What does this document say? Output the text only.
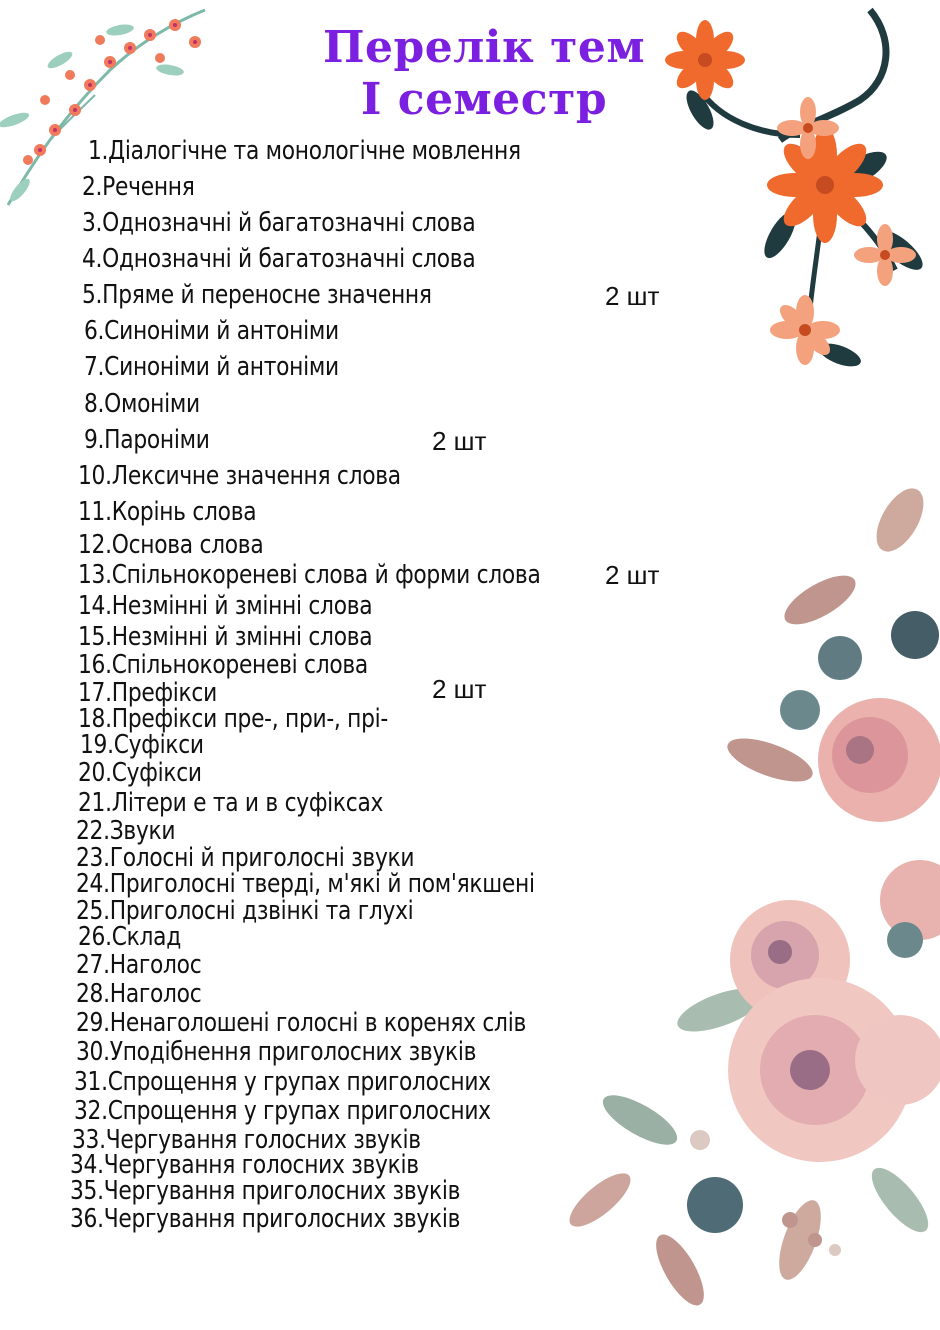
Перелік тем
І семестр
1.Діалогічне та монологічне мовлення
2.Речення
3.Однозначні й багатозначні слова
4.Однозначні й багатозначні слова
5.Пряме й переносне значення
6.Синоніми й антоніми
7.Синоніми й антоніми
8.Омоніми
9.Пароніми
10.Лексичне значення слова
11.Корінь слова
12.Основа слова
13.Спільнокореневі слова й форми слова
14.Незмінні й змінні слова
15.Незмінні й змінні слова
16.Спільнокореневі слова
17.Префікси
18.Префікси пре-, при-, прі-
19.Суфікси
20.Суфікси
21.Літери е та и в суфіксах
22.Звуки
23.Голосні й приголосні звуки
24.Приголосні тверді, м'які й пом'якшені
25.Приголосні дзвінкі та глухі
26.Склад
27.Наголос
28.Наголос
29.Ненаголошені голосні в коренях слів
30.Уподібнення приголосних звуків
31.Спрощення у групах приголосних
32.Спрощення у групах приголосних
33.Чергування голосних звуків
34.Чергування голосних звуків
35.Чергування приголосних звуків
36.Чергування приголосних звуків
2 шт
2 шт
2 шт
2 шт
